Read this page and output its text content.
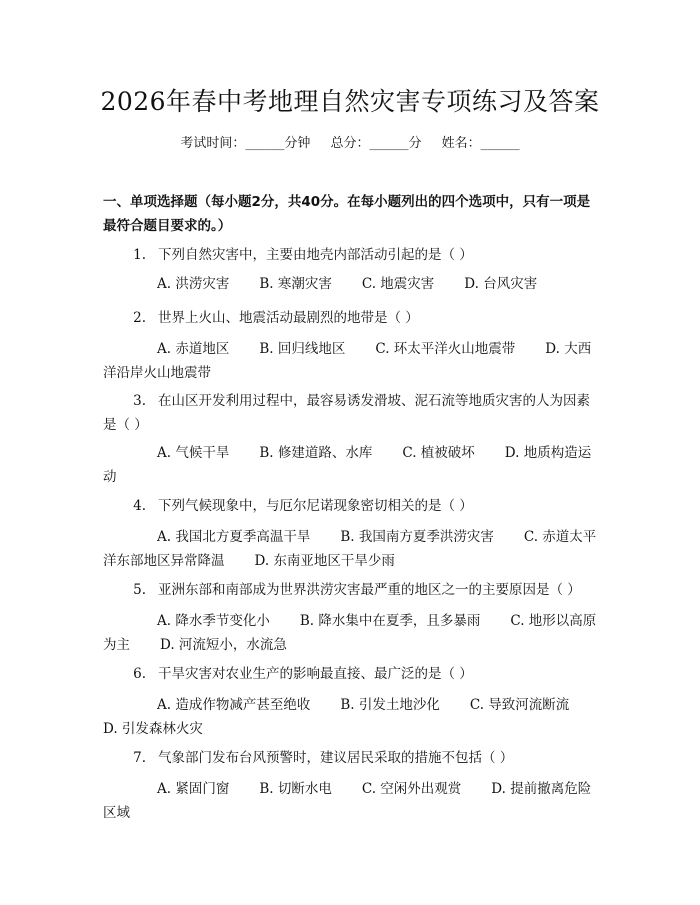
2026年春中考地理自然灾害专项练习及答案
考试时间：______分钟 总分：______分 姓名：______
一、单项选择题（每小题2分，共40分。在每小题列出的四个选项中，只有一项是最符合题目要求的。）
1. 下列自然灾害中，主要由地壳内部活动引起的是（ ）
A. 洪涝灾害 B. 寒潮灾害 C. 地震灾害 D. 台风灾害
2. 世界上火山、地震活动最剧烈的地带是（ ）
A. 赤道地区 B. 回归线地区 C. 环太平洋火山地震带 D. 大西洋沿岸火山地震带
3. 在山区开发利用过程中，最容易诱发滑坡、泥石流等地质灾害的人为因素是（ ）
A. 气候干旱 B. 修建道路、水库 C. 植被破坏 D. 地质构造运动
4. 下列气候现象中，与厄尔尼诺现象密切相关的是（ ）
A. 我国北方夏季高温干旱 B. 我国南方夏季洪涝灾害 C. 赤道太平洋东部地区异常降温 D. 东南亚地区干旱少雨
5. 亚洲东部和南部成为世界洪涝灾害最严重的地区之一的主要原因是（ ）
A. 降水季节变化小 B. 降水集中在夏季，且多暴雨 C. 地形以高原为主 D. 河流短小，水流急
6. 干旱灾害对农业生产的影响最直接、最广泛的是（ ）
A. 造成作物减产甚至绝收 B. 引发土地沙化 C. 导致河流断流D. 引发森林火灾
7. 气象部门发布台风预警时，建议居民采取的措施不包括（ ）
A. 紧固门窗 B. 切断水电 C. 空闲外出观赏 D. 提前撤离危险区域
